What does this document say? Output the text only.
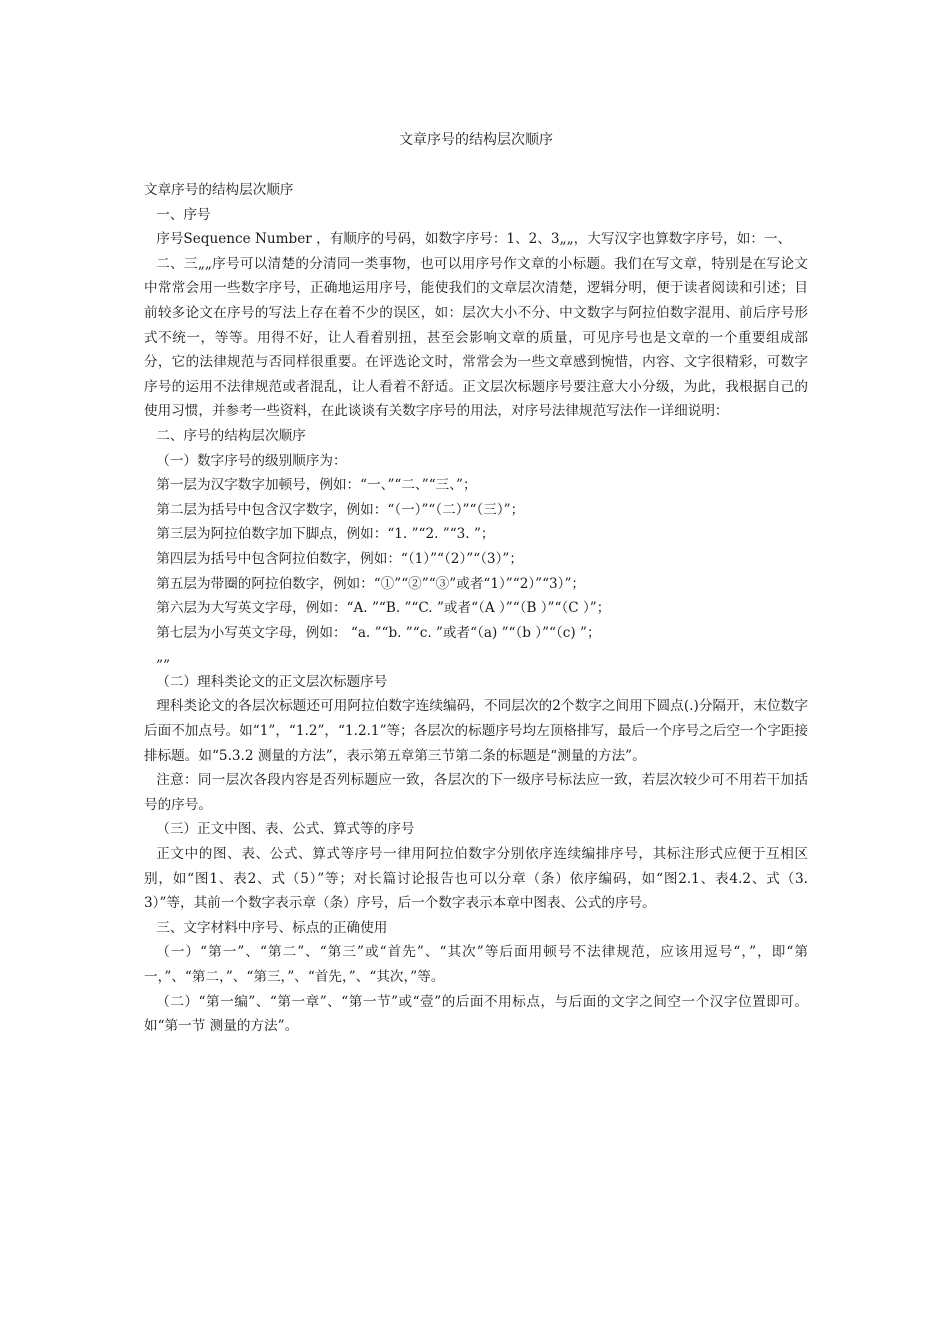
文章序号的结构层次顺序

文章序号的结构层次顺序

一、序号

序号Sequence Number ，有顺序的号码，如数字序号：1、2、3„„，大写汉字也算数字序号，如：一、

二、三„„序号可以清楚的分清同一类事物，也可以用序号作文章的小标题。我们在写文章，特别是在写论文中常常会用一些数字序号，正确地运用序号，能使我们的文章层次清楚，逻辑分明，便于读者阅读和引述；目前较多论文在序号的写法上存在着不少的误区，如：层次大小不分、中文数字与阿拉伯数字混用、前后序号形式不统一，等等。用得不好，让人看着别扭，甚至会影响文章的质量，可见序号也是文章的一个重要组成部分，它的法律规范与否同样很重要。在评选论文时，常常会为一些文章感到惋惜，内容、文字很精彩，可数字序号的运用不法律规范或者混乱，让人看着不舒适。正文层次标题序号要注意大小分级，为此，我根据自己的使用习惯，并参考一些资料，在此谈谈有关数字序号的用法，对序号法律规范写法作一详细说明：

二、序号的结构层次顺序

（一）数字序号的级别顺序为：

第一层为汉字数字加顿号，例如：“一、”“二、”“三、”；

第二层为括号中包含汉字数字，例如：“（一）”“（二）”“（三）”；

第三层为阿拉伯数字加下脚点，例如：“1. ”“2. ”“3. ”；

第四层为括号中包含阿拉伯数字，例如：“（1）”“（2）”“（3）”；

第五层为带圈的阿拉伯数字，例如：“①”“②”“③”或者“1）”“2）”“3）”；

第六层为大写英文字母，例如：“A. ”“B. ”“C. ”或者“（A ）”“（B ）”“（C ）”；

第七层为小写英文字母，例如： “a. ”“b. ”“c. ”或者“（a) ”“（b ）”“（c) ”；

„„

（二）理科类论文的正文层次标题序号

理科类论文的各层次标题还可用阿拉伯数字连续编码，不同层次的2个数字之间用下圆点(.)分隔开，末位数字后面不加点号。如“1”，“1.2”，“1.2.1”等；各层次的标题序号均左顶格排写，最后一个序号之后空一个字距接排标题。如“5.3.2 测量的方法”，表示第五章第三节第二条的标题是“测量的方法”。

注意：同一层次各段内容是否列标题应一致，各层次的下一级序号标法应一致，若层次较少可不用若干加括号的序号。

（三）正文中图、表、公式、算式等的序号

正文中的图、表、公式、算式等序号一律用阿拉伯数字分别依序连续编排序号，其标注形式应便于互相区别，如“图1、表2、式（5）”等；对长篇讨论报告也可以分章（条）依序编码，如“图2.1、表4.2、式（3.3）”等，其前一个数字表示章（条）序号，后一个数字表示本章中图表、公式的序号。

三、文字材料中序号、标点的正确使用

（一）“第一”、“第二”、“第三”或“首先”、“其次”等后面用顿号不法律规范，应该用逗号“，”，即“第一，”、“第二，”、“第三，”、“首先，”、“其次，”等。

（二）“第一编”、“第一章”、“第一节”或“壹”的后面不用标点，与后面的文字之间空一个汉字位置即可。如“第一节 测量的方法”。
